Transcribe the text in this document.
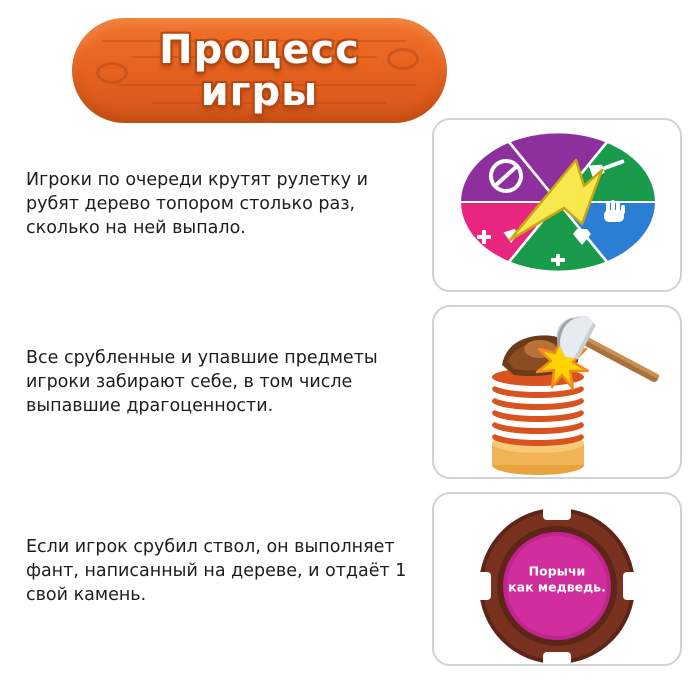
Процесс
игры

Игроки по очереди крутят рулетку и рубят дерево топором столько раз, сколько на ней выпало.

Все срубленные и упавшие предметы игроки забирают себе, в том числе выпавшие драгоценности.

Если игрок срубил ствол, он выполняет фант, написанный на дереве, и отдаёт 1 свой камень.

Порычи
как медведь.
